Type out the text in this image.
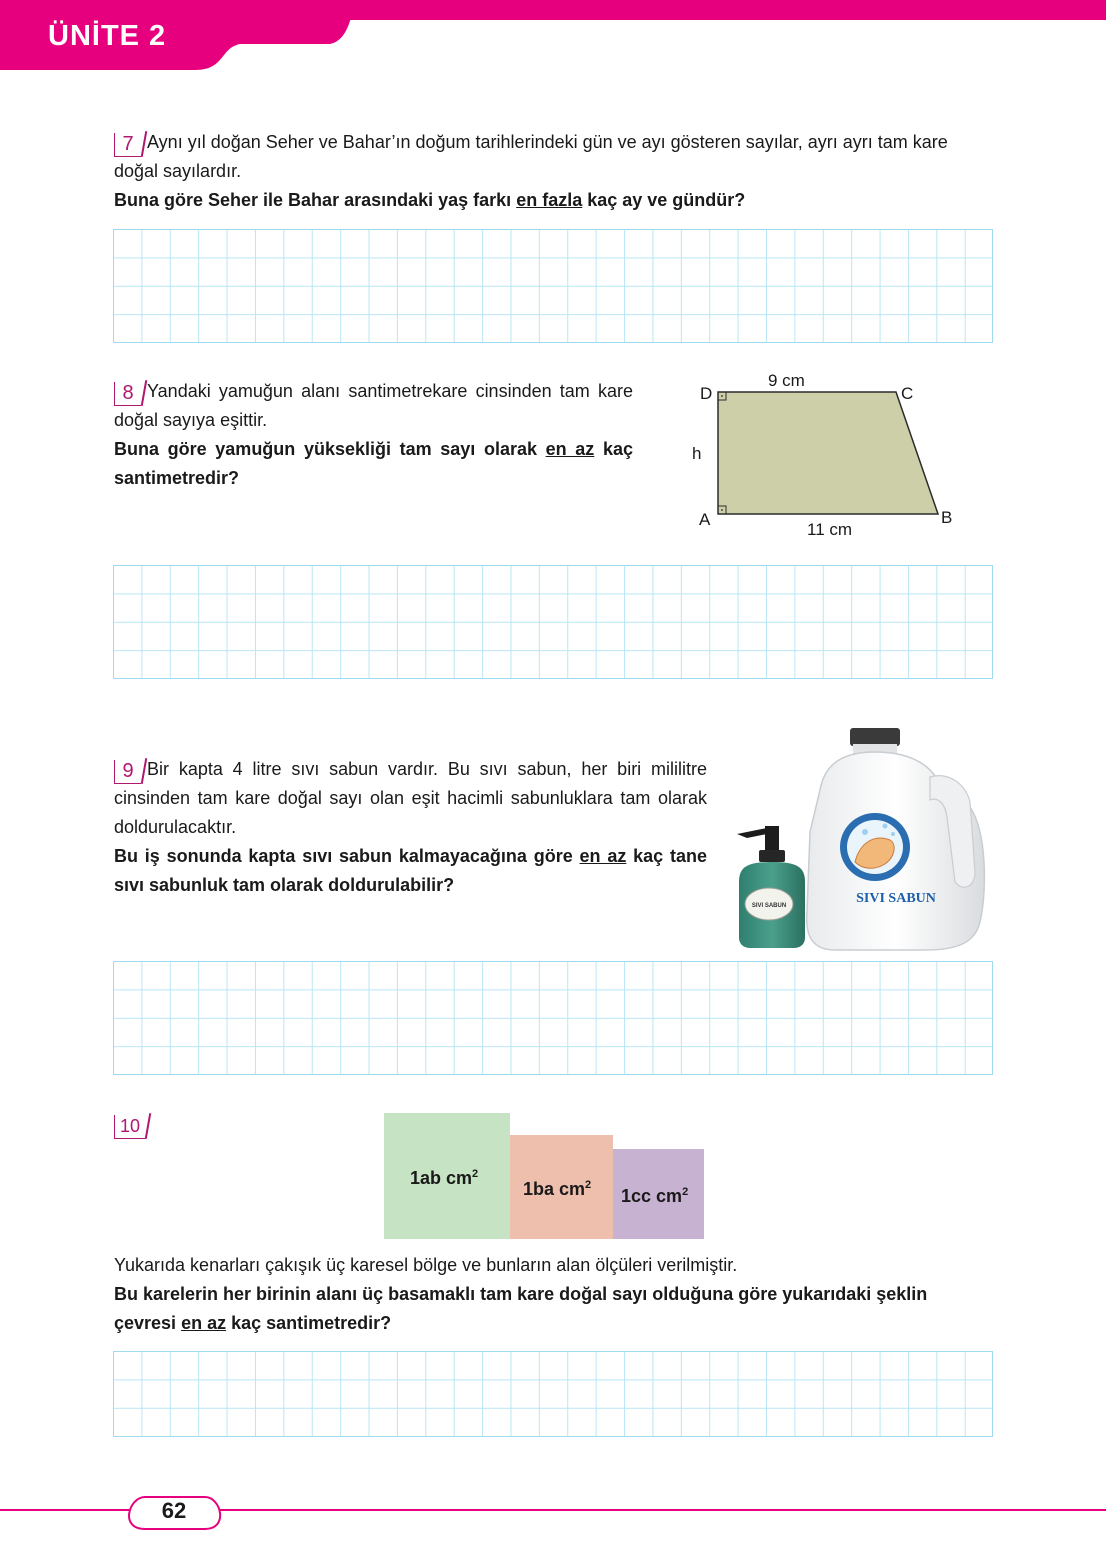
ÜNİTE 2

7 Aynı yıl doğan Seher ve Bahar’ın doğum tarihlerindeki gün ve ayı gösteren sayılar, ayrı ayrı tam kare doğal sayılardır.

Buna göre Seher ile Bahar arasındaki yaş farkı en fazla kaç ay ve gündür?

8 Yandaki yamuğun alanı santimetrekare cinsinden tam kare doğal sayıya eşittir.

Buna göre yamuğun yüksekliği tam sayı olarak en az kaç santimetredir?

9 cm
11 cm
h
D	C
A	B

9 Bir kapta 4 litre sıvı sabun vardır. Bu sıvı sabun, her biri mililitre cinsinden tam kare doğal sayı olan eşit hacimli sabunluklara tam olarak doldurulacaktır.

Bu iş sonunda kapta sıvı sabun kalmayacağına göre en az kaç tane sıvı sabunluk tam olarak doldurulabilir?

SIVI SABUN
SIVI SABUN
10
1ab $cm^2$
1ba $cm^2$
1cc $cm^2$

Yukarıda kenarları çakışık üç karesel bölge ve bunların alan ölçüleri verilmiştir.

Bu karelerin her birinin alanı üç basamaklı tam kare doğal sayı olduğuna göre yukarıdaki şeklin çevresi en az kaç santimetredir?

62
